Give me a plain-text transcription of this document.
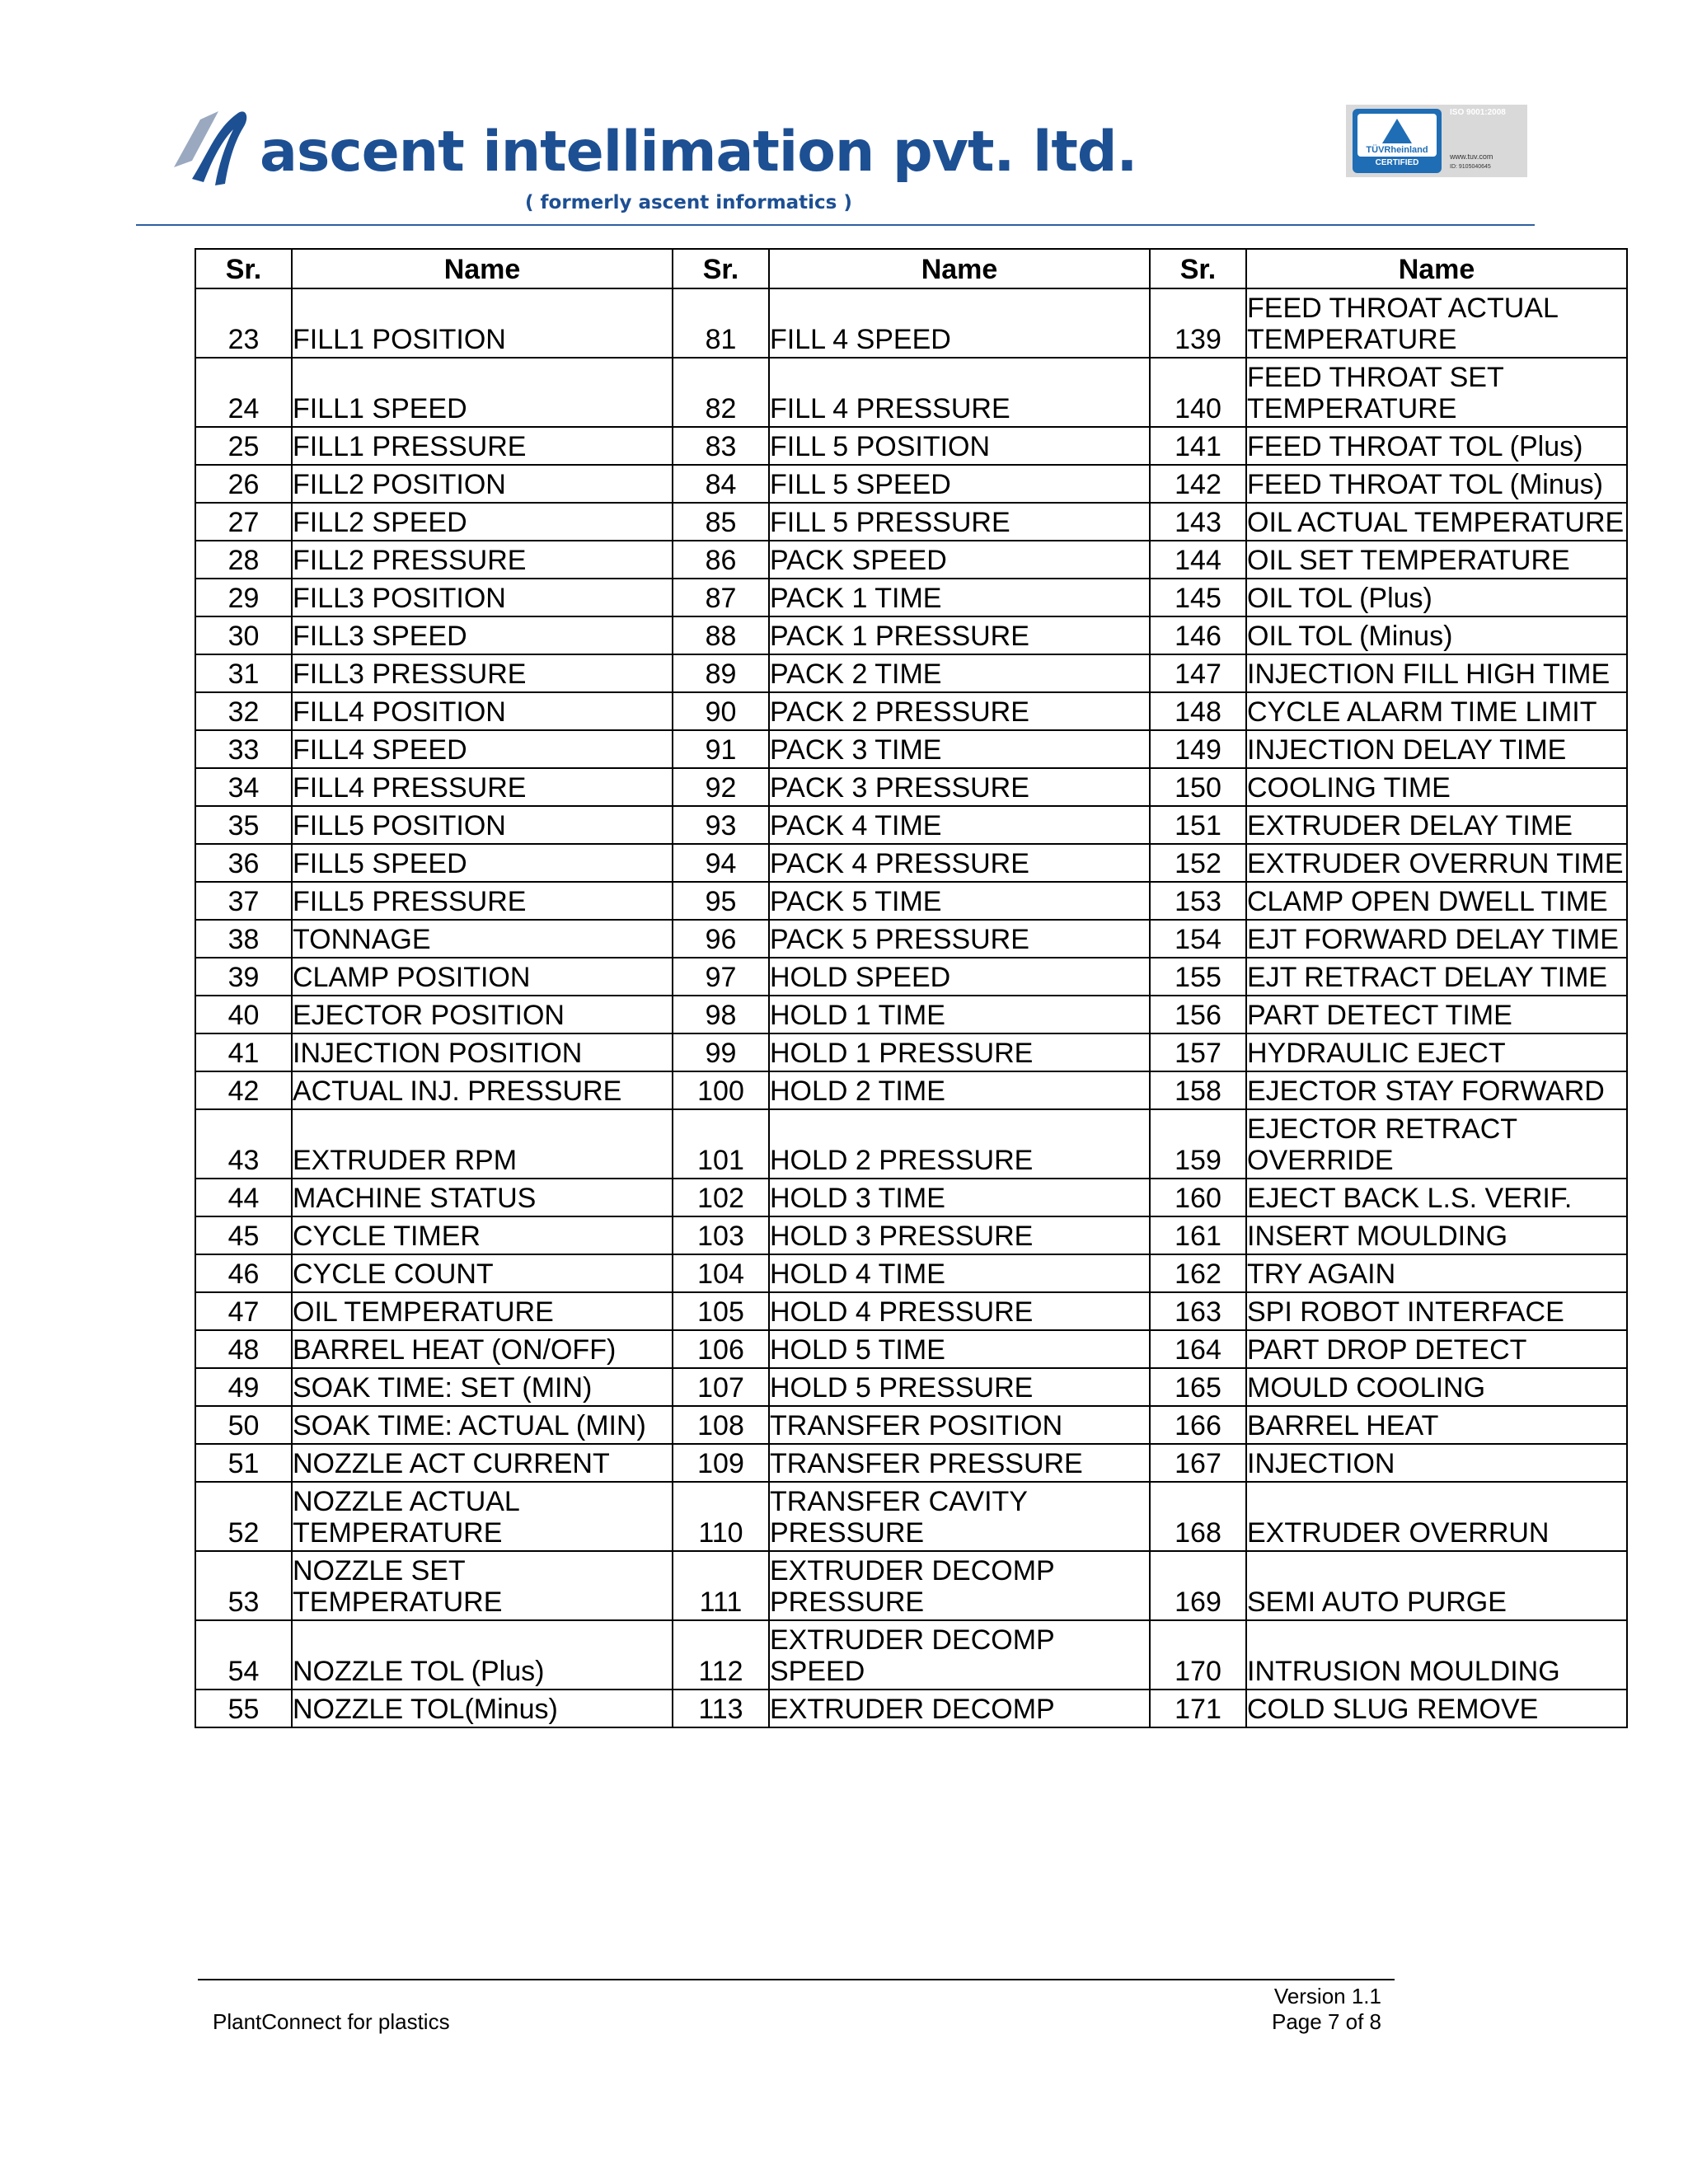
ascent intellimation pvt. ltd.
( formerly ascent informatics )
TÜVRheinland
CERTIFIED
ISO 9001:2008
www.tuv.com
ID: 9105040645
Sr.	Name	Sr.	Name	Sr.	Name
23	FILL1 POSITION	81	FILL 4 SPEED	139	FEED THROAT ACTUAL TEMPERATURE
24	FILL1 SPEED	82	FILL 4 PRESSURE	140	FEED THROAT SET TEMPERATURE
25	FILL1 PRESSURE	83	FILL 5 POSITION	141	FEED THROAT TOL (Plus)
26	FILL2 POSITION	84	FILL 5 SPEED	142	FEED THROAT TOL (Minus)
27	FILL2 SPEED	85	FILL 5 PRESSURE	143	OIL ACTUAL TEMPERATURE
28	FILL2 PRESSURE	86	PACK SPEED	144	OIL SET TEMPERATURE
29	FILL3 POSITION	87	PACK 1 TIME	145	OIL TOL (Plus)
30	FILL3 SPEED	88	PACK 1 PRESSURE	146	OIL TOL (Minus)
31	FILL3 PRESSURE	89	PACK 2 TIME	147	INJECTION FILL HIGH TIME
32	FILL4 POSITION	90	PACK 2 PRESSURE	148	CYCLE ALARM TIME LIMIT
33	FILL4 SPEED	91	PACK 3 TIME	149	INJECTION DELAY TIME
34	FILL4 PRESSURE	92	PACK 3 PRESSURE	150	COOLING TIME
35	FILL5 POSITION	93	PACK 4 TIME	151	EXTRUDER DELAY TIME
36	FILL5 SPEED	94	PACK 4 PRESSURE	152	EXTRUDER OVERRUN TIME
37	FILL5 PRESSURE	95	PACK 5 TIME	153	CLAMP OPEN DWELL TIME
38	TONNAGE	96	PACK 5 PRESSURE	154	EJT FORWARD DELAY TIME
39	CLAMP POSITION	97	HOLD SPEED	155	EJT RETRACT DELAY TIME
40	EJECTOR POSITION	98	HOLD 1 TIME	156	PART DETECT TIME
41	INJECTION POSITION	99	HOLD 1 PRESSURE	157	HYDRAULIC EJECT
42	ACTUAL INJ. PRESSURE	100	HOLD 2 TIME	158	EJECTOR STAY FORWARD
43	EXTRUDER RPM	101	HOLD 2 PRESSURE	159	EJECTOR RETRACT OVERRIDE
44	MACHINE STATUS	102	HOLD 3 TIME	160	EJECT BACK L.S. VERIF.
45	CYCLE TIMER	103	HOLD 3 PRESSURE	161	INSERT MOULDING
46	CYCLE COUNT	104	HOLD 4 TIME	162	TRY AGAIN
47	OIL TEMPERATURE	105	HOLD 4 PRESSURE	163	SPI ROBOT INTERFACE
48	BARREL HEAT (ON/OFF)	106	HOLD 5 TIME	164	PART DROP DETECT
49	SOAK TIME: SET (MIN)	107	HOLD 5 PRESSURE	165	MOULD COOLING
50	SOAK TIME: ACTUAL (MIN)	108	TRANSFER POSITION	166	BARREL HEAT
51	NOZZLE ACT CURRENT	109	TRANSFER PRESSURE	167	INJECTION
52	NOZZLE ACTUAL TEMPERATURE	110	TRANSFER CAVITY PRESSURE	168	EXTRUDER OVERRUN
53	NOZZLE SET TEMPERATURE	111	EXTRUDER DECOMP PRESSURE	169	SEMI AUTO PURGE
54	NOZZLE TOL (Plus)	112	EXTRUDER DECOMP SPEED	170	INTRUSION MOULDING
55	NOZZLE TOL(Minus)	113	EXTRUDER DECOMP	171	COLD SLUG REMOVE
PlantConnect for plastics
Version 1.1
Page 7 of 8
